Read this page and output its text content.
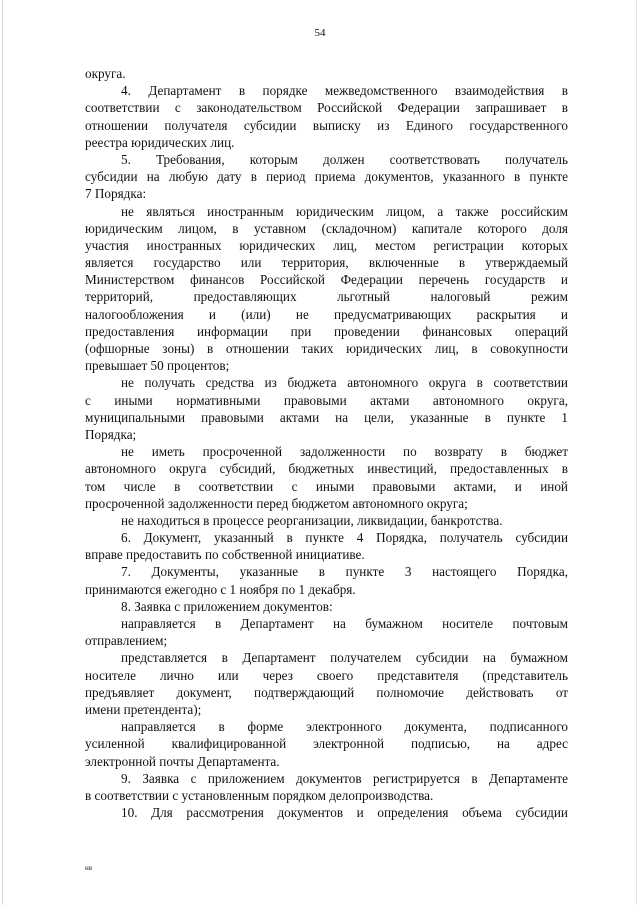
54
округа.
4. Департамент в порядке межведомственного взаимодействия в
соответствии с законодательством Российской Федерации запрашивает в
отношении получателя субсидии выписку из Единого государственного
реестра юридических лиц.
5. Требования, которым должен соответствовать получатель
субсидии на любую дату в период приема документов, указанного в пункте
7 Порядка:
не являться иностранным юридическим лицом, а также российским
юридическим лицом, в уставном (складочном) капитале которого доля
участия иностранных юридических лиц, местом регистрации которых
является государство или территория, включенные в утверждаемый
Министерством финансов Российской Федерации перечень государств и
территорий, предоставляющих льготный налоговый режим
налогообложения и (или) не предусматривающих раскрытия и
предоставления информации при проведении финансовых операций
(офшорные зоны) в отношении таких юридических лиц, в совокупности
превышает 50 процентов;
не получать средства из бюджета автономного округа в соответствии
с иными нормативными правовыми актами автономного округа,
муниципальными правовыми актами на цели, указанные в пункте 1
Порядка;
не иметь просроченной задолженности по возврату в бюджет
автономного округа субсидий, бюджетных инвестиций, предоставленных в
том числе в соответствии с иными правовыми актами, и иной
просроченной задолженности перед бюджетом автономного округа;
не находиться в процессе реорганизации, ликвидации, банкротства.
6. Документ, указанный в пункте 4 Порядка, получатель субсидии
вправе предоставить по собственной инициативе.
7. Документы, указанные в пункте 3 настоящего Порядка,
принимаются ежегодно с 1 ноября по 1 декабря.
8. Заявка с приложением документов:
направляется в Департамент на бумажном носителе почтовым
отправлением;
представляется в Департамент получателем субсидии на бумажном
носителе лично или через своего представителя (представитель
предъявляет документ, подтверждающий полномочие действовать от
имени претендента);
направляется в форме электронного документа, подписанного
усиленной квалифицированной электронной подписью, на адрес
электронной почты Департамента.
9. Заявка с приложением документов регистрируется в Департаменте
в соответствии с установленным порядком делопроизводства.
10. Для рассмотрения документов и определения объема субсидии
нв
